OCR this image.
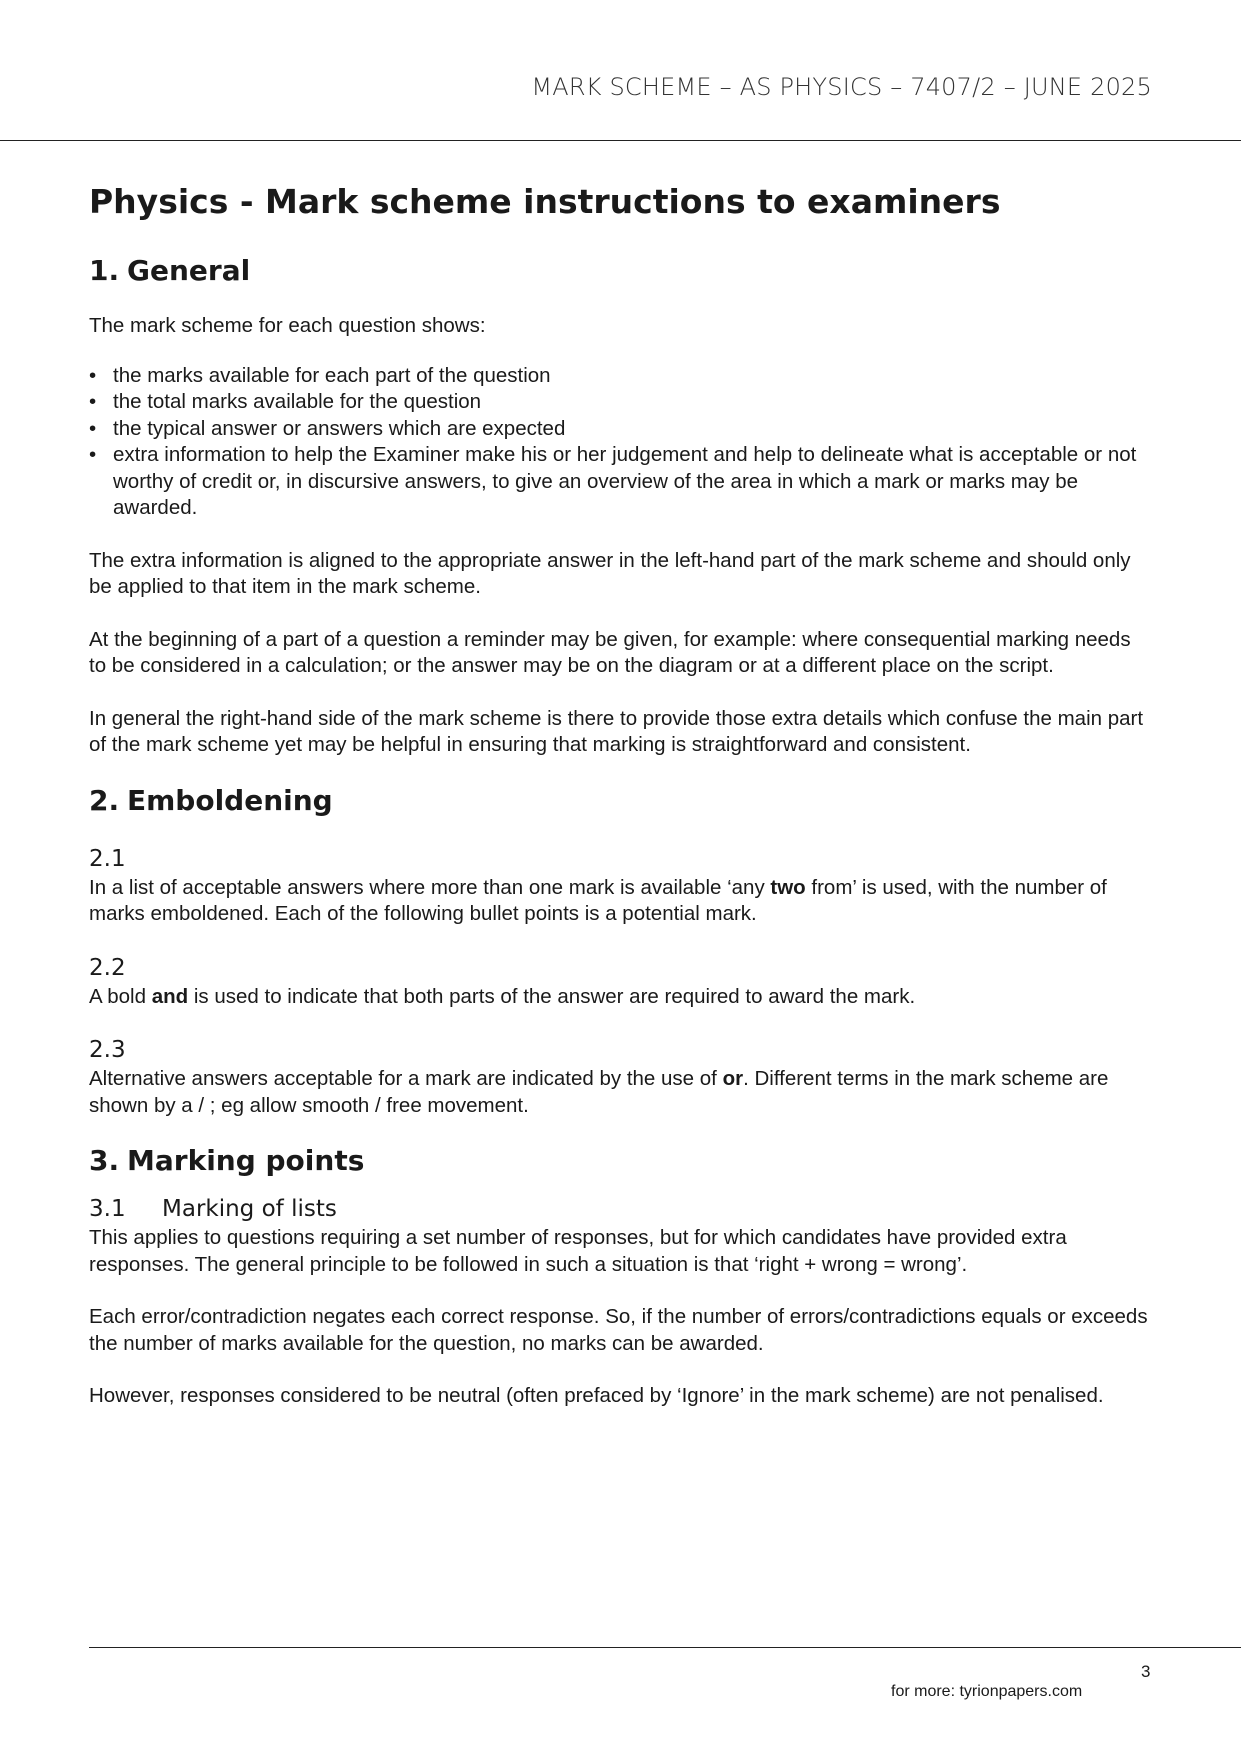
MARK SCHEME – AS PHYSICS – 7407/2 – JUNE 2025

Physics - Mark scheme instructions to examiners
1. General

The mark scheme for each question shows:

• the marks available for each part of the question
• the total marks available for the question
• the typical answer or answers which are expected
• extra information to help the Examiner make his or her judgement and help to delineate what is acceptable or not worthy of credit or, in discursive answers, to give an overview of the area in which a mark or marks may be awarded.

The extra information is aligned to the appropriate answer in the left-hand part of the mark scheme and should only be applied to that item in the mark scheme.

At the beginning of a part of a question a reminder may be given, for example: where consequential marking needs to be considered in a calculation; or the answer may be on the diagram or at a different place on the script.

In general the right-hand side of the mark scheme is there to provide those extra details which confuse the main part of the mark scheme yet may be helpful in ensuring that marking is straightforward and consistent.

2. Emboldening
2.1

In a list of acceptable answers where more than one mark is available ‘any two from’ is used, with the number of marks emboldened. Each of the following bullet points is a potential mark.

2.2

A bold and is used to indicate that both parts of the answer are required to award the mark.

2.3

Alternative answers acceptable for a mark are indicated by the use of or. Different terms in the mark scheme are shown by a / ; eg allow smooth / free movement.

3. Marking points
3.1 Marking of lists

This applies to questions requiring a set number of responses, but for which candidates have provided extra responses. The general principle to be followed in such a situation is that ‘right + wrong = wrong’.

Each error/contradiction negates each correct response. So, if the number of errors/contradictions equals or exceeds the number of marks available for the question, no marks can be awarded.

However, responses considered to be neutral (often prefaced by ‘Ignore’ in the mark scheme) are not penalised.

3
for more: tyrionpapers.com
